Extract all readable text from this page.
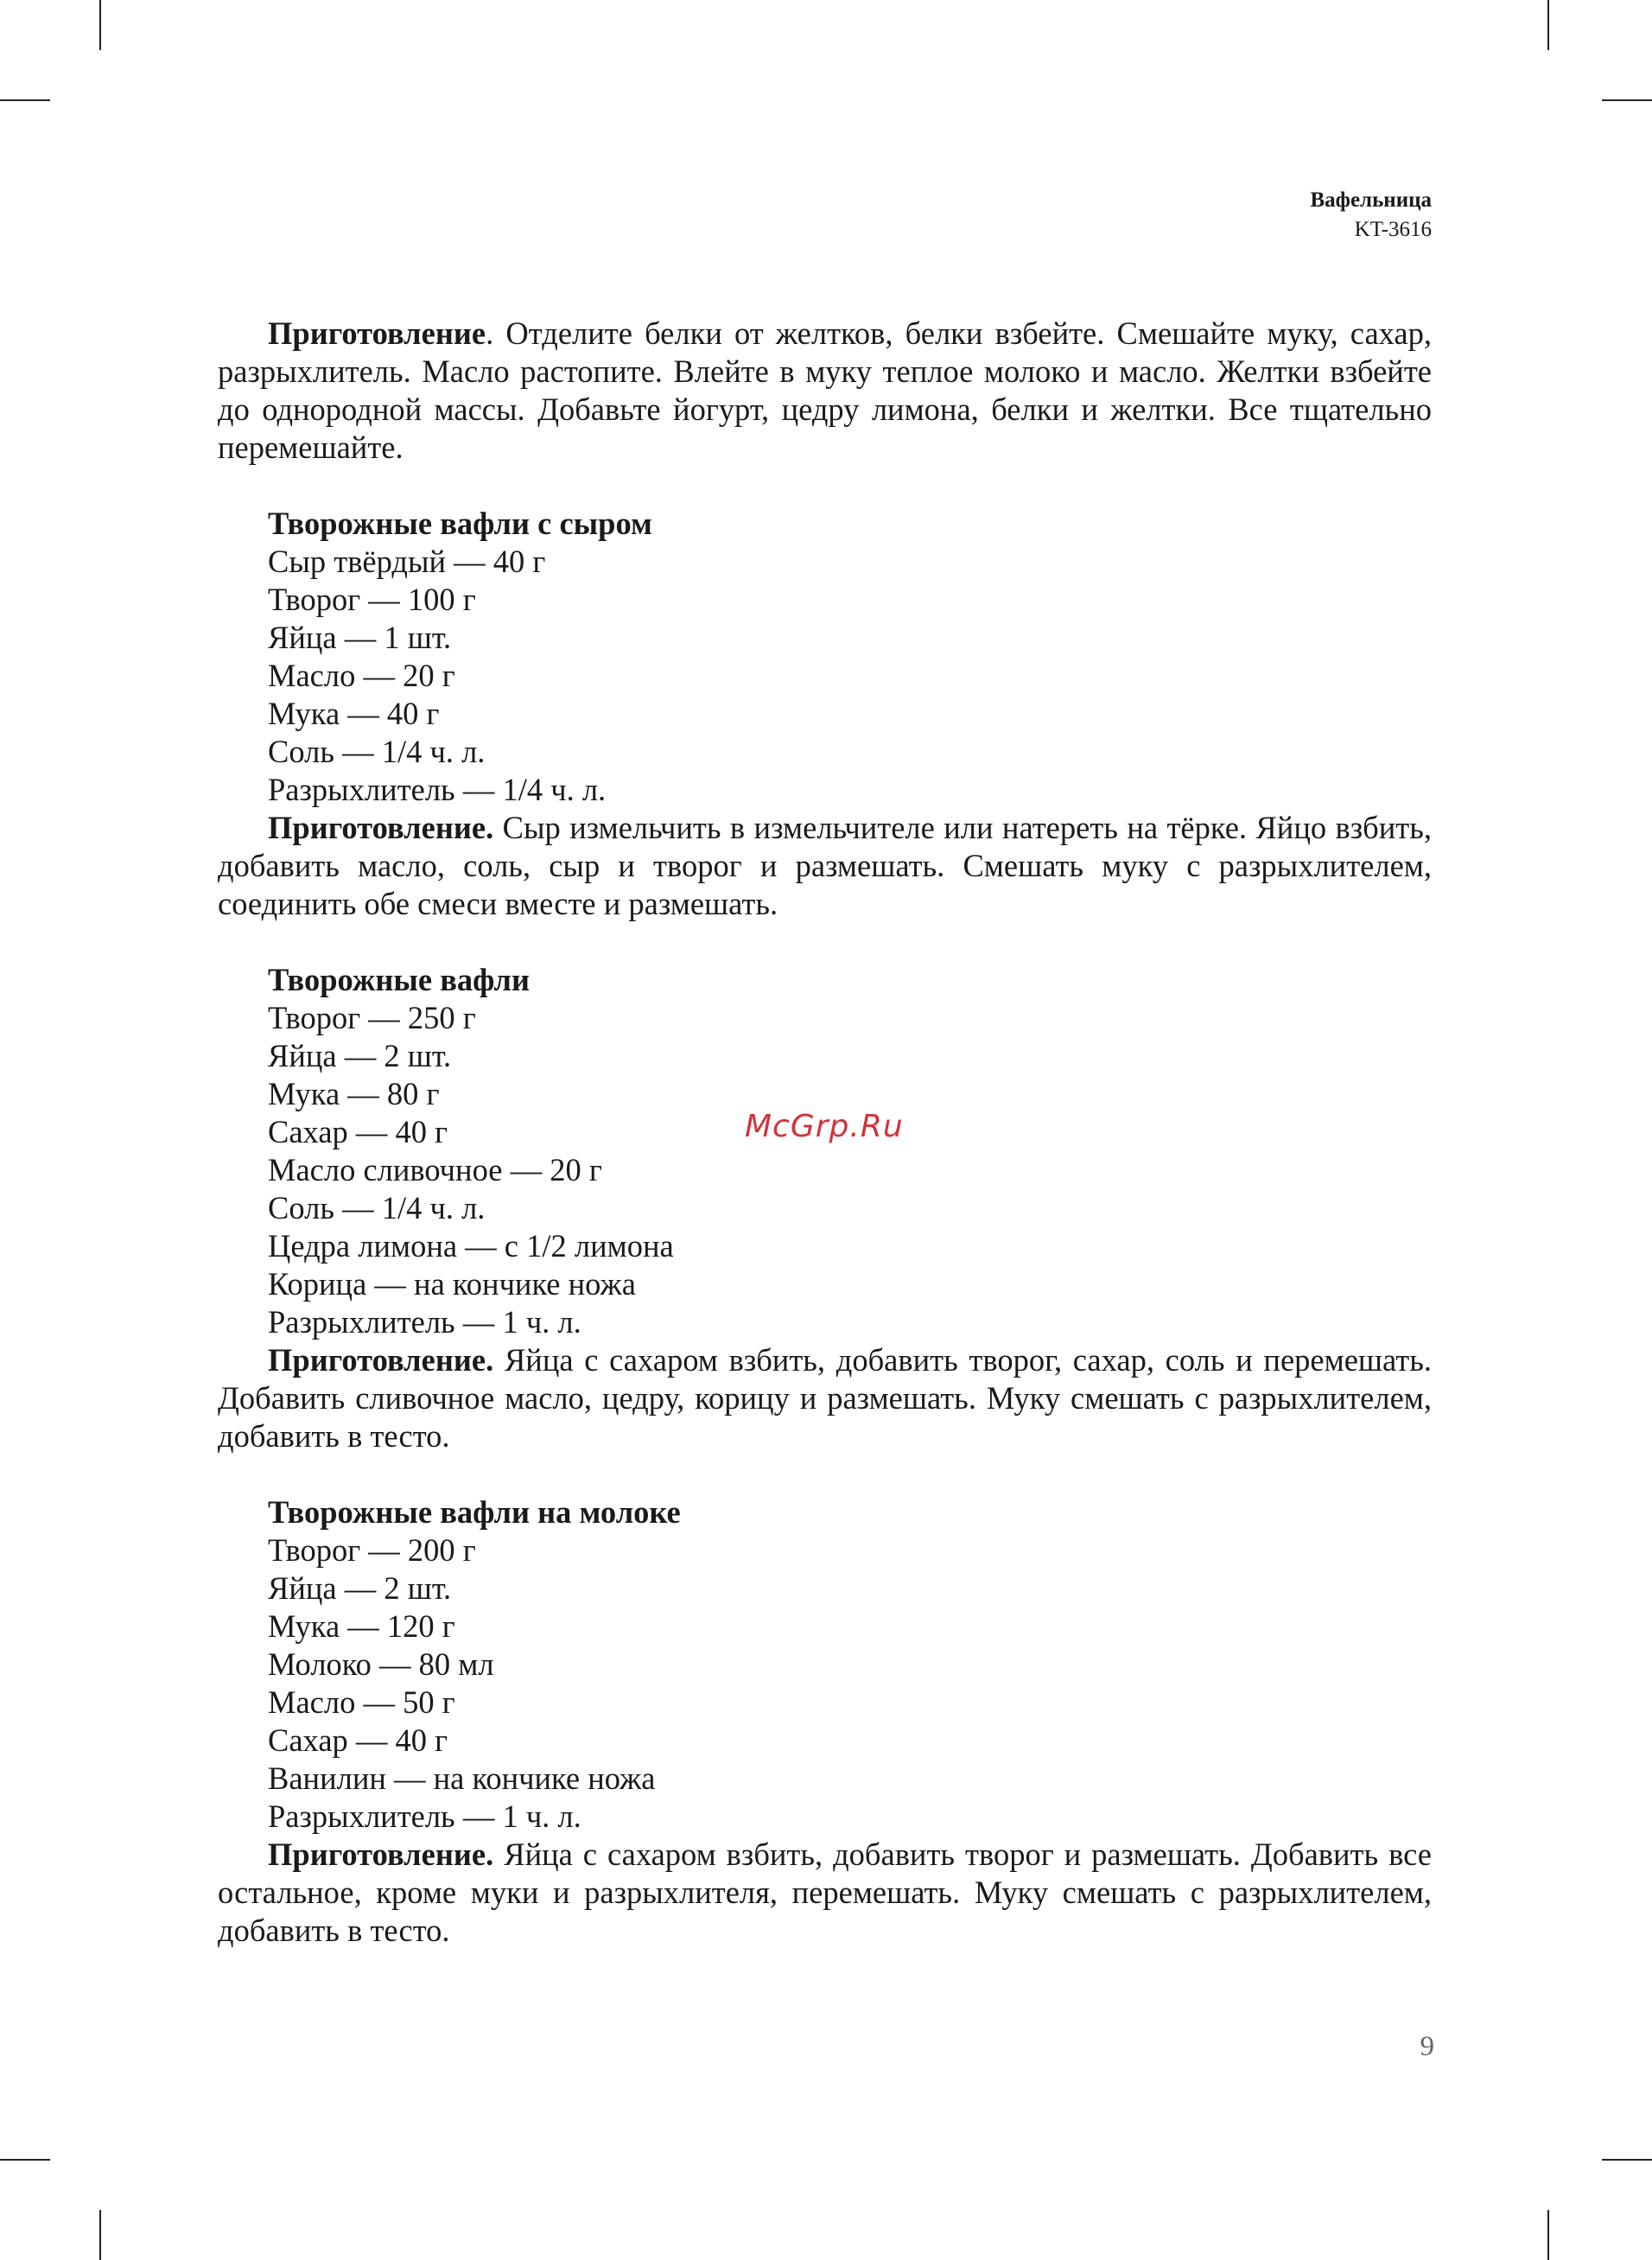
Вафельница
KT-3616

Приготовление. Отделите белки от желтков, белки взбейте. Смешайте муку, сахар, разрыхлитель. Масло растопите. Влейте в муку теплое молоко и масло. Желтки взбейте до однородной массы. Добавьте йогурт, цедру лимона, белки и желтки. Все тщательно перемешайте.

Творожные вафли с сыром
Сыр твёрдый — 40 г
Творог — 100 г
Яйца — 1 шт.
Масло — 20 г
Мука — 40 г
Соль — 1/4 ч. л.
Разрыхлитель — 1/4 ч. л.

Приготовление. Сыр измельчить в измельчителе или натереть на тёрке. Яйцо взбить, добавить масло, соль, сыр и творог и размешать. Смешать муку с разрыхлителем, соединить обе смеси вместе и размешать.

Творожные вафли
Творог — 250 г
Яйца — 2 шт.
Мука — 80 г
Сахар — 40 г
Масло сливочное — 20 г
Соль — 1/4 ч. л.
Цедра лимона — с 1/2 лимона
Корица — на кончике ножа
Разрыхлитель — 1 ч. л.

Приготовление. Яйца с сахаром взбить, добавить творог, сахар, соль и перемешать. Добавить сливочное масло, цедру, корицу и размешать. Муку смешать с разрыхлителем, добавить в тесто.

Творожные вафли на молоке
Творог — 200 г
Яйца — 2 шт.
Мука — 120 г
Молоко — 80 мл
Масло — 50 г
Сахар — 40 г
Ванилин — на кончике ножа
Разрыхлитель — 1 ч. л.

Приготовление. Яйца с сахаром взбить, добавить творог и размешать. Добавить все остальное, кроме муки и разрыхлителя, перемешать. Муку смешать с разрыхлителем, добавить в тесто.

McGrp.Ru
9
